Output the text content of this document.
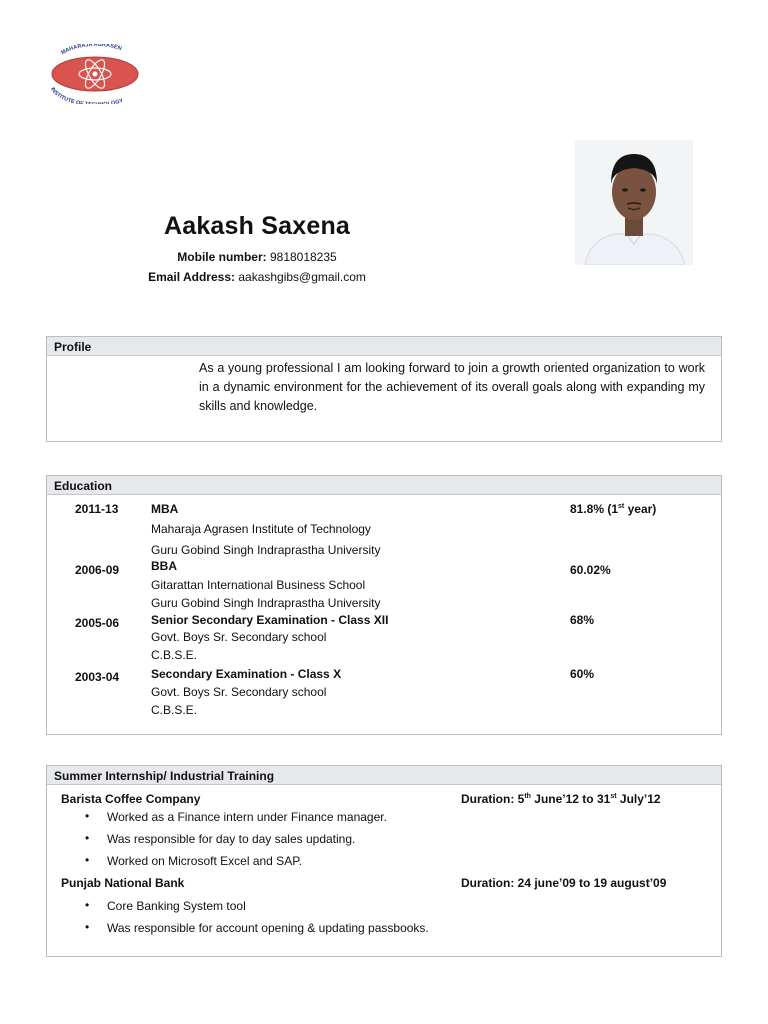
MAHARAJA AGRASEN
INSTITUTE OF OGY
Aakash Saxena
Mobile number: 9818018235
Email Address: aakashgibs@gmail.com
Profile
As a young professional I am looking forward to join a growth oriented organization to work in a dynamic environment for the achievement of its overall goals along with expanding my skills and knowledge.
Education
2011-13	MBA
Maharaja Agrasen Institute of Technology
Guru Gobind Singh Indraprastha University
81.8% (1st year)
2006-09	BBA
Gitarattan International Business School
Guru Gobind Singh Indraprastha University
60.02%
2005-06	Senior Secondary Examination - Class XII
Govt. Boys Sr. Secondary school
C.B.S.E.
68%
2003-04	Secondary Examination - Class X
Govt. Boys Sr. Secondary school
C.B.S.E.
60%
Summer Internship/ Industrial Training
Barista Coffee Company	Duration: 5th June’12 to 31st July’12
• Worked as a Finance intern under Finance manager.
• Was responsible for day to day sales updating.
• Worked on Microsoft Excel and SAP.
Punjab National Bank	Duration: 24 june’09 to 19 august’09
• Core Banking System tool
• Was responsible for account opening & updating passbooks.
